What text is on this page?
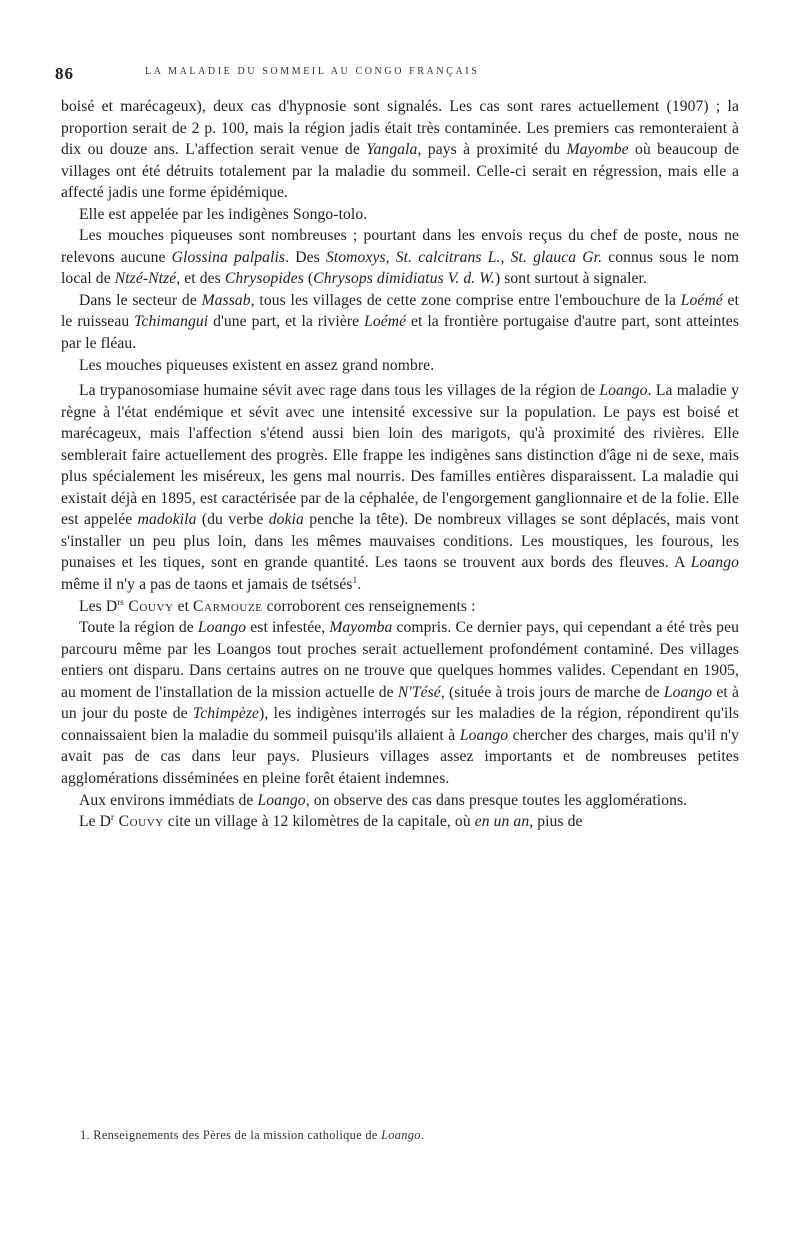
86	LA MALADIE DU SOMMEIL AU CONGO FRANÇAIS

boisé et marécageux), deux cas d'hypnosie sont signalés. Les cas sont rares actuellement (1907) ; la proportion serait de 2 p. 100, mais la région jadis était très contaminée. Les premiers cas remonteraient à dix ou douze ans. L'affection serait venue de Yangala, pays à proximité du Mayombe où beaucoup de villages ont été détruits totalement par la maladie du sommeil. Celle-ci serait en régression, mais elle a affecté jadis une forme épidémique.

Elle est appelée par les indigènes Songo-tolo.

Les mouches piqueuses sont nombreuses ; pourtant dans les envois reçus du chef de poste, nous ne relevons aucune Glossina palpalis. Des Stomoxys, St. calcitrans L., St. glauca Gr. connus sous le nom local de Ntzé-Ntzé, et des Chrysopides (Chrysops dimidiatus V. d. W.) sont surtout à signaler.

Dans le secteur de Massab, tous les villages de cette zone comprise entre l'embouchure de la Loémé et le ruisseau Tchimangui d'une part, et la rivière Loémé et la frontière portugaise d'autre part, sont atteintes par le fléau.

Les mouches piqueuses existent en assez grand nombre.

La trypanosomiase humaine sévit avec rage dans tous les villages de la région de Loango. La maladie y règne à l'état endémique et sévit avec une intensité excessive sur la population. Le pays est boisé et marécageux, mais l'affection s'étend aussi bien loin des marigots, qu'à proximité des rivières. Elle semblerait faire actuellement des progrès. Elle frappe les indigènes sans distinction d'âge ni de sexe, mais plus spécialement les miséreux, les gens mal nourris. Des familles entières disparaissent. La maladie qui existait déjà en 1895, est caractérisée par de la céphalée, de l'engorgement ganglionnaire et de la folie. Elle est appelée madokila (du verbe dokia penche la tête). De nombreux villages se sont déplacés, mais vont s'installer un peu plus loin, dans les mêmes mauvaises conditions. Les moustiques, les fourous, les punaises et les tiques, sont en grande quantité. Les taons se trouvent aux bords des fleuves. A Loango même il n'y a pas de taons et jamais de tsétsés$^1$.

Les $D^{rs}$ Couvy et Carmouze corroborent ces renseignements :

Toute la région de Loango est infestée, Mayomba compris. Ce dernier pays, qui cependant a été très peu parcouru même par les Loangos tout proches serait actuellement profondément contaminé. Des villages entiers ont disparu. Dans certains autres on ne trouve que quelques hommes valides. Cependant en 1905, au moment de l'installation de la mission actuelle de N'Tésé, (située à trois jours de marche de Loango et à un jour du poste de Tchimpèze), les indigènes interrogés sur les maladies de la région, répondirent qu'ils connaissaient bien la maladie du sommeil puisqu'ils allaient à Loango chercher des charges, mais qu'il n'y avait pas de cas dans leur pays. Plusieurs villages assez importants et de nombreuses petites agglomérations disséminées en pleine forêt étaient indemnes.

Aux environs immédiats de Loango, on observe des cas dans presque toutes les agglomérations.

Le $D^r$ Couvy cite un village à 12 kilomètres de la capitale, où en un an, pius de

1. Renseignements des Pères de la mission catholique de Loango.
